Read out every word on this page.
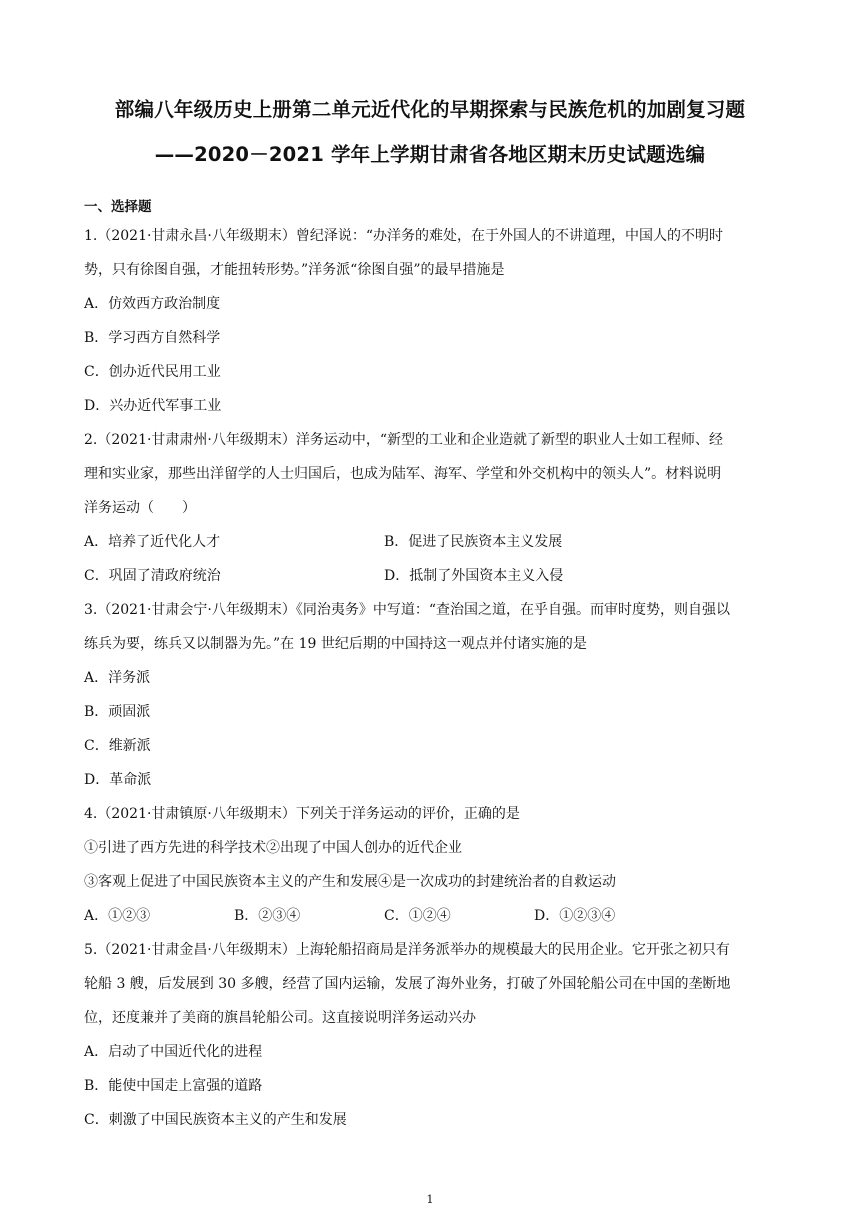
部编八年级历史上册第二单元近代化的早期探索与民族危机的加剧复习题
——2020－2021 学年上学期甘肃省各地区期末历史试题选编
一、选择题
1.（2021·甘肃永昌·八年级期末）曾纪泽说：“办洋务的难处，在于外国人的不讲道理，中国人的不明时
势，只有徐图自强，才能扭转形势。”洋务派“徐图自强”的最早措施是
A．仿效西方政治制度
B．学习西方自然科学
C．创办近代民用工业
D．兴办近代军事工业
2.（2021·甘肃肃州·八年级期末）洋务运动中，“新型的工业和企业造就了新型的职业人士如工程师、经
理和实业家，那些出洋留学的人士归国后，也成为陆军、海军、学堂和外交机构中的领头人”。材料说明
洋务运动（　　）
A．培养了近代化人才	B．促进了民族资本主义发展
C．巩固了清政府统治	D．抵制了外国资本主义入侵
3.（2021·甘肃会宁·八年级期末）《同治夷务》中写道：“查治国之道，在乎自强。而审时度势，则自强以
练兵为要，练兵又以制器为先。”在 19 世纪后期的中国持这一观点并付诸实施的是
A．洋务派
B．顽固派
C．维新派
D．革命派
4.（2021·甘肃镇原·八年级期末）下列关于洋务运动的评价，正确的是
①引进了西方先进的科学技术②出现了中国人创办的近代企业
③客观上促进了中国民族资本主义的产生和发展④是一次成功的封建统治者的自救运动
A．①②③	B．②③④	C．①②④	D．①②③④
5.（2021·甘肃金昌·八年级期末）上海轮船招商局是洋务派举办的规模最大的民用企业。它开张之初只有
轮船 3 艘，后发展到 30 多艘，经营了国内运输，发展了海外业务，打破了外国轮船公司在中国的垄断地
位，还度兼并了美商的旗昌轮船公司。这直接说明洋务运动兴办
A．启动了中国近代化的进程
B．能使中国走上富强的道路
C．刺激了中国民族资本主义的产生和发展
1
